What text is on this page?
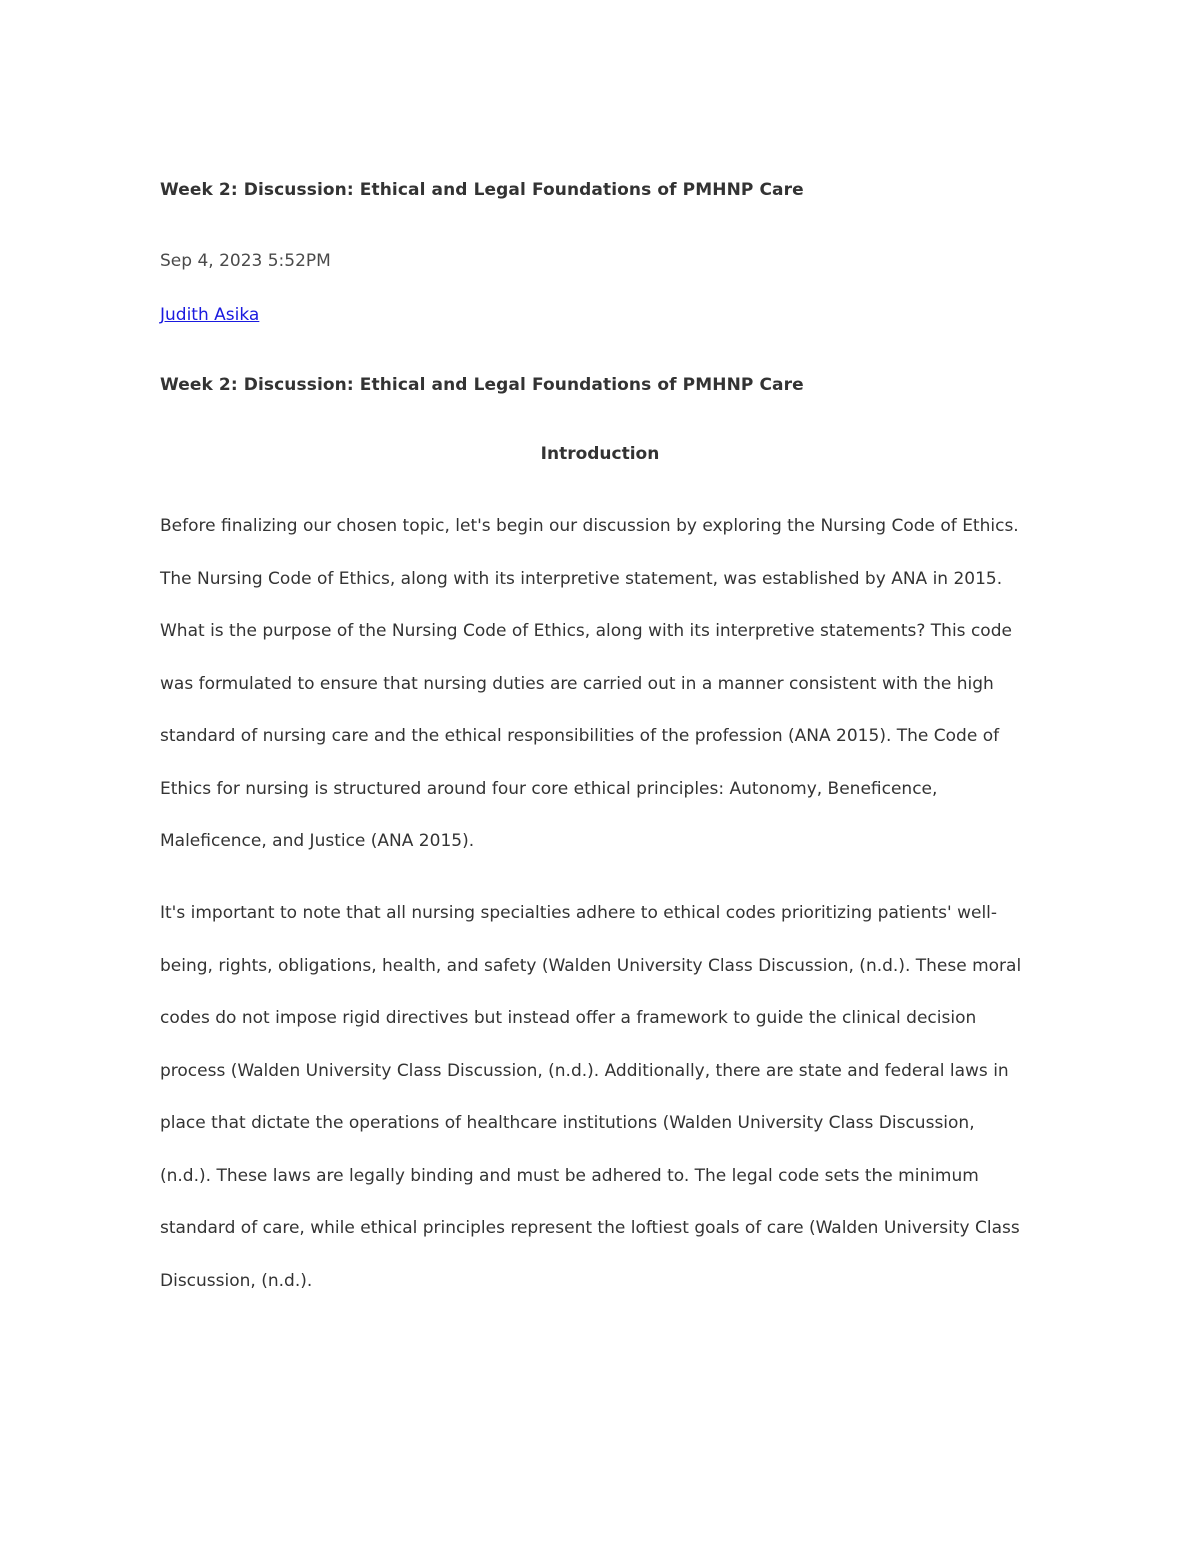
Week 2: Discussion: Ethical and Legal Foundations of PMHNP Care

Sep 4, 2023 5:52PM

Judith Asika
Week 2: Discussion: Ethical and Legal Foundations of PMHNP Care
Introduction
Before finalizing our chosen topic, let's begin our discussion by exploring the Nursing Code of Ethics.
The Nursing Code of Ethics, along with its interpretive statement, was established by ANA in 2015.
What is the purpose of the Nursing Code of Ethics, along with its interpretive statements? This code
was formulated to ensure that nursing duties are carried out in a manner consistent with the high
standard of nursing care and the ethical responsibilities of the profession (ANA 2015). The Code of
Ethics for nursing is structured around four core ethical principles: Autonomy, Beneficence,
Maleficence, and Justice (ANA 2015).
It's important to note that all nursing specialties adhere to ethical codes prioritizing patients' well-
being, rights, obligations, health, and safety (Walden University Class Discussion, (n.d.). These moral
codes do not impose rigid directives but instead offer a framework to guide the clinical decision
process (Walden University Class Discussion, (n.d.). Additionally, there are state and federal laws in
place that dictate the operations of healthcare institutions (Walden University Class Discussion,
(n.d.). These laws are legally binding and must be adhered to. The legal code sets the minimum
standard of care, while ethical principles represent the loftiest goals of care (Walden University Class
Discussion, (n.d.).
